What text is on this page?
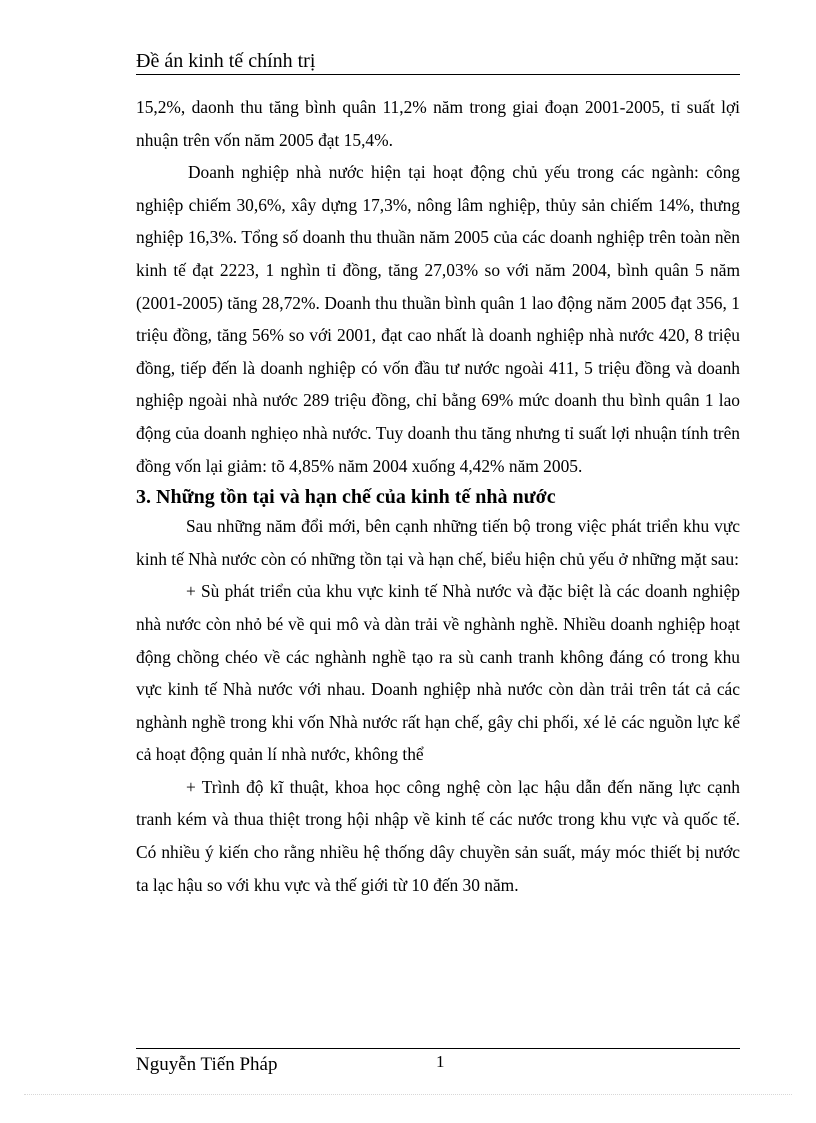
Đề án kinh tế chính trị

15,2%, daonh thu tăng bình quân 11,2% năm trong giai đoạn 2001-2005, tỉ suất lợi nhuận trên vốn năm 2005 đạt 15,4%.

Doanh nghiệp nhà nước hiện tại hoạt động chủ yếu trong các ngành: công nghiệp chiếm 30,6%, xây dựng 17,3%, nông lâm nghiệp, thủy sản chiếm 14%, thưng nghiệp 16,3%. Tổng số doanh thu thuần năm 2005 của các doanh nghiệp trên toàn nền kinh tế đạt 2223, 1 nghìn tỉ đồng, tăng 27,03% so với năm 2004, bình quân 5 năm (2001-2005) tăng 28,72%. Doanh thu thuần bình quân 1 lao động năm 2005 đạt 356, 1 triệu đồng, tăng 56% so với 2001, đạt cao nhất là doanh nghiệp nhà nước 420, 8 triệu đồng, tiếp đến là doanh nghiệp có vốn đầu tư nước ngoài 411, 5 triệu đồng và doanh nghiệp ngoài nhà nước 289 triệu đồng, chỉ bằng 69% mức doanh thu bình quân 1 lao động của doanh nghiẹo nhà nước. Tuy doanh thu tăng nhưng tỉ suất lợi nhuận tính trên đồng vốn lại giảm: tõ 4,85% năm 2004 xuống 4,42% năm 2005.

3. Những tồn tại và hạn chế của kinh tế nhà nước

Sau những năm đổi mới, bên cạnh những tiến bộ trong việc phát triển khu vực kinh tế Nhà nước còn có những tồn tại và hạn chế, biểu hiện chủ yếu ở những mặt sau:

+ Sù phát triển của khu vực kinh tế Nhà nước và đặc biệt là các doanh nghiệp nhà nước còn nhỏ bé về qui mô và dàn trải về nghành nghề. Nhiều doanh nghiệp hoạt động chồng chéo về các nghành nghề tạo ra sù canh tranh không đáng có trong khu vực kinh tế Nhà nước với nhau. Doanh nghiệp nhà nước còn dàn trải trên tát cả các nghành nghề trong khi vốn Nhà nước rất hạn chế, gây chi phối, xé lẻ các nguồn lực kể cả hoạt động quản lí nhà nước, không thể

+ Trình độ kĩ thuật, khoa học công nghệ còn lạc hậu dẫn đến năng lực cạnh tranh kém và thua thiệt trong hội nhập về kinh tế các nước trong khu vực và quốc tế. Có nhiều ý kiến cho rằng nhiều hệ thống dây chuyền sản suất, máy móc thiết bị nước ta lạc hậu so với khu vực và thế giới từ 10 đến 30 năm.

Nguyễn Tiến Pháp	1
